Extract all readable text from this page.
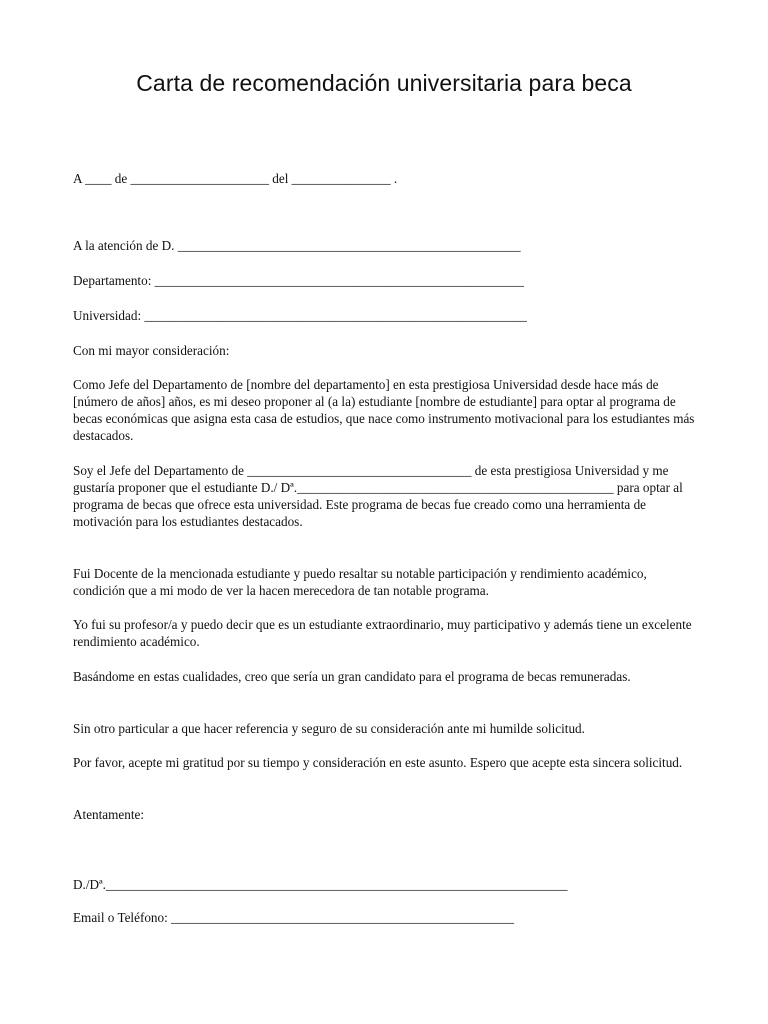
Carta de recomendación universitaria para beca

A ____ de _____________________ del _______________ .

A la atención de D. ____________________________________________________

Departamento: ________________________________________________________

Universidad: __________________________________________________________

Con mi mayor consideración:

Como Jefe del Departamento de [nombre del departamento] en esta prestigiosa Universidad desde hace más de [número de años] años, es mi deseo proponer al (a la) estudiante [nombre de estudiante] para optar al programa de becas económicas que asigna esta casa de estudios, que nace como instrumento motivacional para los estudiantes más destacados.

Soy el Jefe del Departamento de __________________________________ de esta prestigiosa Universidad y me gustaría proponer que el estudiante D./ Dª.________________________________________________ para optar al programa de becas que ofrece esta universidad. Este programa de becas fue creado como una herramienta de motivación para los estudiantes destacados.

Fui Docente de la mencionada estudiante y puedo resaltar su notable participación y rendimiento académico, condición que a mi modo de ver la hacen merecedora de tan notable programa.

Yo fui su profesor/a y puedo decir que es un estudiante extraordinario, muy participativo y además tiene un excelente rendimiento académico.

Basándome en estas cualidades, creo que sería un gran candidato para el programa de becas remuneradas.

Sin otro particular a que hacer referencia y seguro de su consideración ante mi humilde solicitud.

Por favor, acepte mi gratitud por su tiempo y consideración en este asunto. Espero que acepte esta sincera solicitud.

Atentamente:

D./Dª.______________________________________________________________________

Email o Teléfono: ____________________________________________________
